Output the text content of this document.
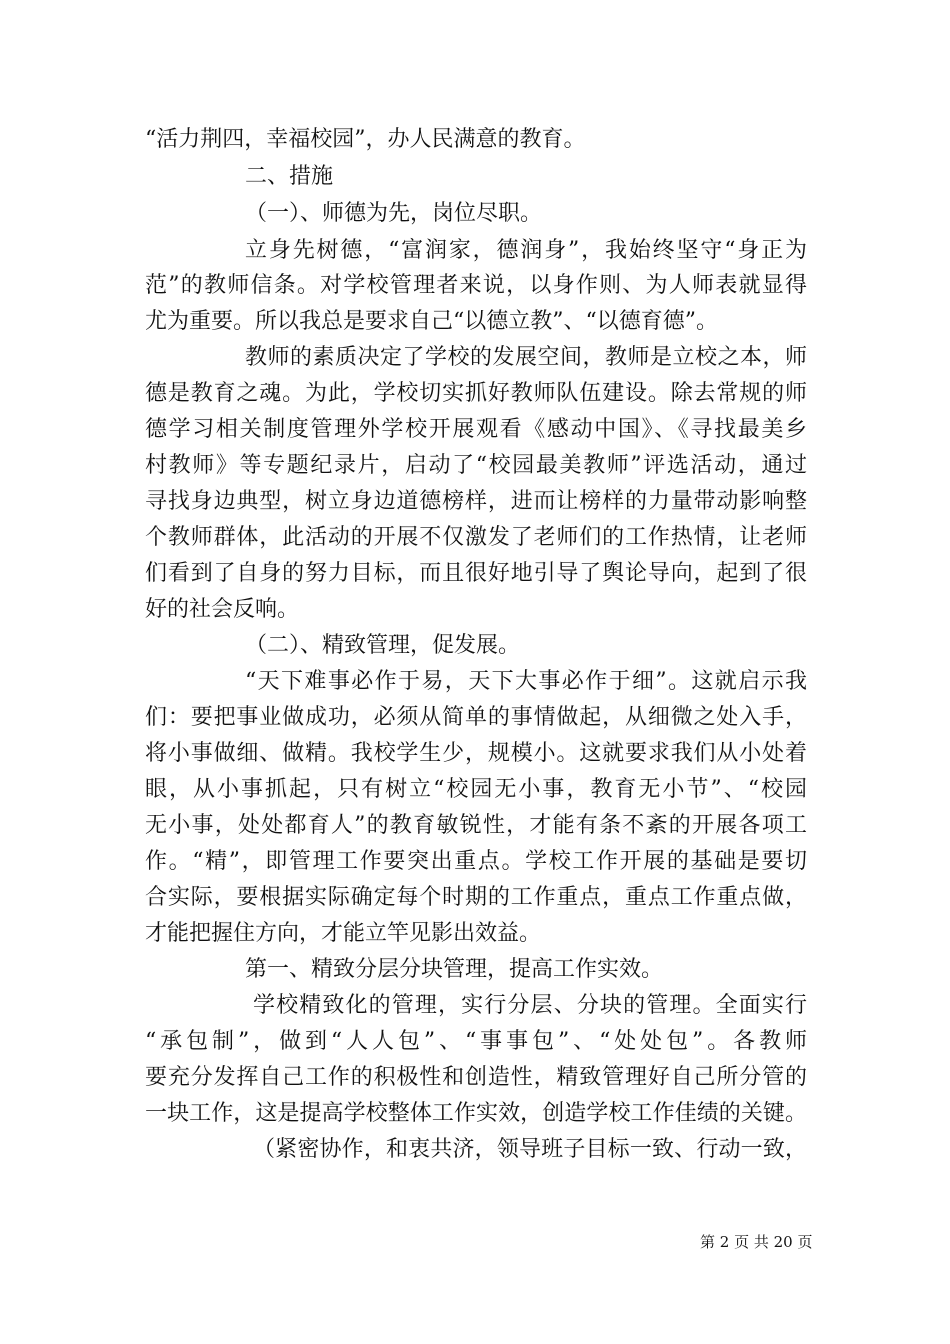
“活力荆四，幸福校园”，办人民满意的教育。
二、措施
（一）、师德为先，岗位尽职。
立身先树德，“富润家，德润身”，我始终坚守“身正为
范”的教师信条。对学校管理者来说，以身作则、为人师表就显得
尤为重要。所以我总是要求自己“以德立教”、“以德育德”。
教师的素质决定了学校的发展空间，教师是立校之本，师
德是教育之魂。为此，学校切实抓好教师队伍建设。除去常规的师
德学习相关制度管理外学校开展观看《感动中国》、《寻找最美乡
村教师》等专题纪录片，启动了“校园最美教师”评选活动，通过
寻找身边典型，树立身边道德榜样，进而让榜样的力量带动影响整
个教师群体，此活动的开展不仅激发了老师们的工作热情，让老师
们看到了自身的努力目标，而且很好地引导了舆论导向，起到了很
好的社会反响。
（二）、精致管理，促发展。
“天下难事必作于易，天下大事必作于细”。这就启示我
们：要把事业做成功，必须从简单的事情做起，从细微之处入手，
将小事做细、做精。我校学生少，规模小。这就要求我们从小处着
眼，从小事抓起，只有树立“校园无小事，教育无小节”、“校园
无小事，处处都育人”的教育敏锐性，才能有条不紊的开展各项工
作。“精”，即管理工作要突出重点。学校工作开展的基础是要切
合实际，要根据实际确定每个时期的工作重点，重点工作重点做，
才能把握住方向，才能立竿见影出效益。
第一、精致分层分块管理，提高工作实效。
学校精致化的管理，实行分层、分块的管理。全面实行
“承包制”，做到“人人包”、“事事包”、“处处包”。各教师
要充分发挥自己工作的积极性和创造性，精致管理好自己所分管的
一块工作，这是提高学校整体工作实效，创造学校工作佳绩的关键。
（紧密协作，和衷共济，领导班子目标一致、行动一致，
第 2 页 共 20 页
